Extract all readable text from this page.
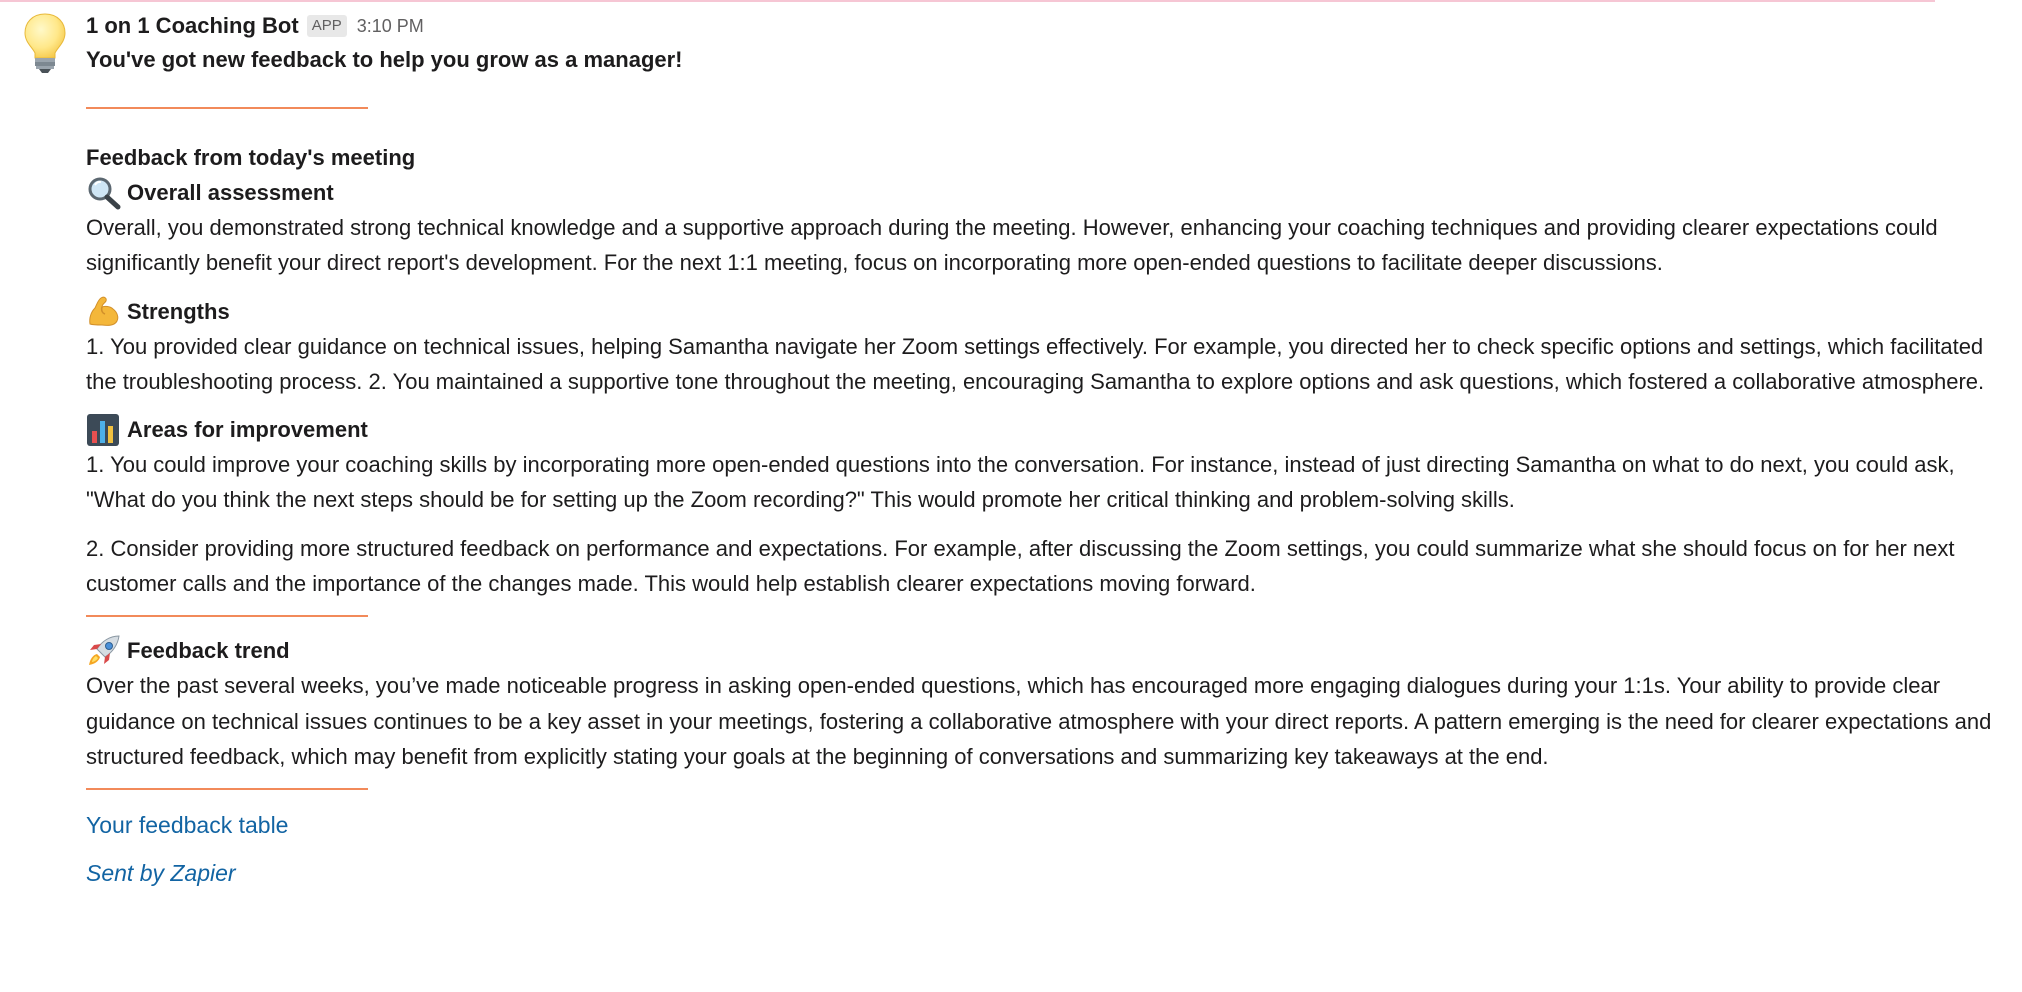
1 on 1 Coaching Bot APP 3:10 PM
You've got new feedback to help you grow as a manager!
Feedback from today's meeting
Overall assessment

Overall, you demonstrated strong technical knowledge and a supportive approach during the meeting. However, enhancing your coaching techniques and providing clearer expectations could significantly benefit your direct report's development. For the next 1:1 meeting, focus on incorporating more open-ended questions to facilitate deeper discussions.

Strengths

1. You provided clear guidance on technical issues, helping Samantha navigate her Zoom settings effectively. For example, you directed her to check specific options and settings, which facilitated the troubleshooting process. 2. You maintained a supportive tone throughout the meeting, encouraging Samantha to explore options and ask questions, which fostered a collaborative atmosphere.

Areas for improvement

1. You could improve your coaching skills by incorporating more open-ended questions into the conversation. For instance, instead of just directing Samantha on what to do next, you could ask, "What do you think the next steps should be for setting up the Zoom recording?" This would promote her critical thinking and problem-solving skills.

2. Consider providing more structured feedback on performance and expectations. For example, after discussing the Zoom settings, you could summarize what she should focus on for her next customer calls and the importance of the changes made. This would help establish clearer expectations moving forward.

Feedback trend

Over the past several weeks, you’ve made noticeable progress in asking open-ended questions, which has encouraged more engaging dialogues during your 1:1s. Your ability to provide clear guidance on technical issues continues to be a key asset in your meetings, fostering a collaborative atmosphere with your direct reports. A pattern emerging is the need for clearer expectations and structured feedback, which may benefit from explicitly stating your goals at the beginning of conversations and summarizing key takeaways at the end.

Your feedback table
Sent by Zapier
